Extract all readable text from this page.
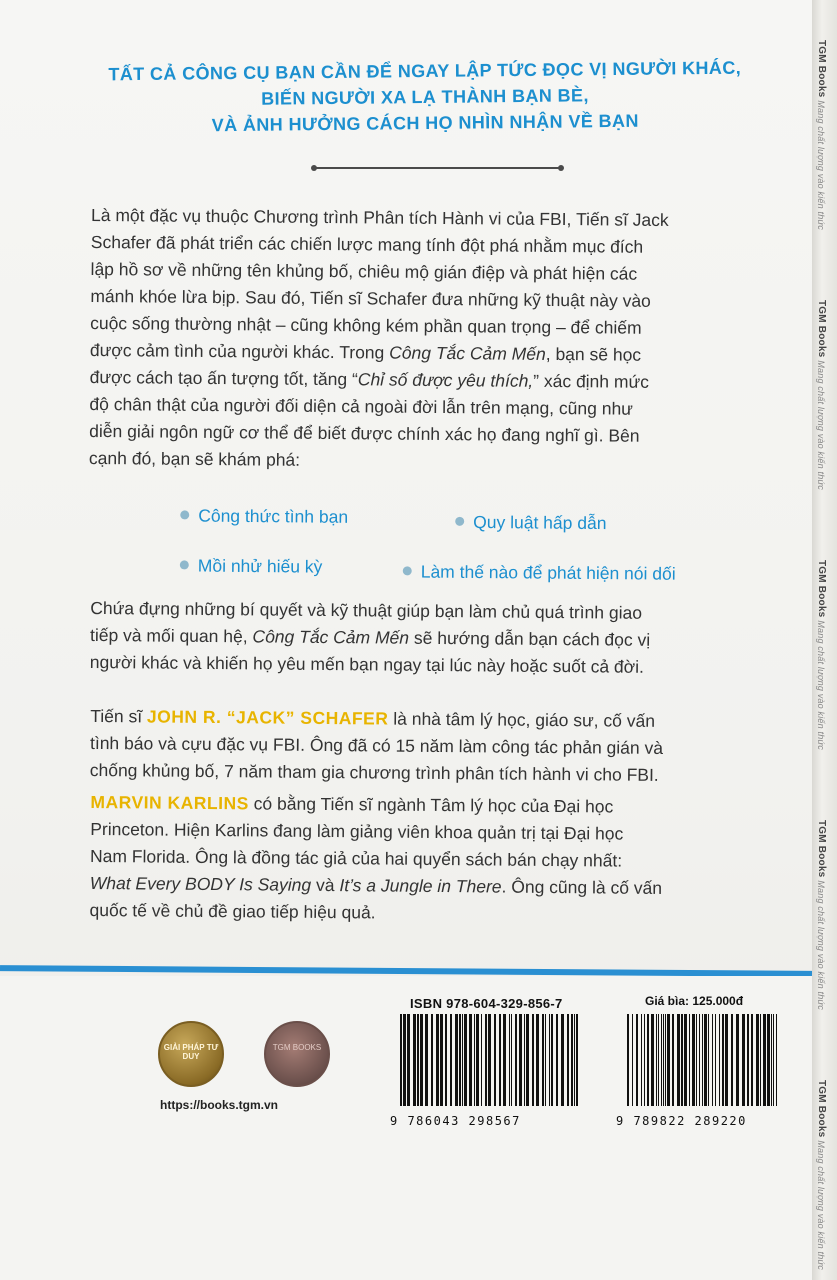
TẤT CẢ CÔNG CỤ BẠN CẦN ĐỂ NGAY LẬP TỨC ĐỌC VỊ NGƯỜI KHÁC,
BIẾN NGƯỜI XA LẠ THÀNH BẠN BÈ,
VÀ ẢNH HƯỞNG CÁCH HỌ NHÌN NHẬN VỀ BẠN
Là một đặc vụ thuộc Chương trình Phân tích Hành vi của FBI, Tiến sĩ Jack
Schafer đã phát triển các chiến lược mang tính đột phá nhằm mục đích
lập hồ sơ về những tên khủng bố, chiêu mộ gián điệp và phát hiện các
mánh khóe lừa bịp. Sau đó, Tiến sĩ Schafer đưa những kỹ thuật này vào
cuộc sống thường nhật – cũng không kém phần quan trọng – để chiếm
được cảm tình của người khác. Trong Công Tắc Cảm Mến, bạn sẽ học
được cách tạo ấn tượng tốt, tăng “Chỉ số được yêu thích,” xác định mức
độ chân thật của người đối diện cả ngoài đời lẫn trên mạng, cũng như
diễn giải ngôn ngữ cơ thể để biết được chính xác họ đang nghĩ gì. Bên
cạnh đó, bạn sẽ khám phá:
Công thức tình bạn	Quy luật hấp dẫn
Mồi nhử hiếu kỳ	Làm thế nào để phát hiện nói dối
Chứa đựng những bí quyết và kỹ thuật giúp bạn làm chủ quá trình giao
tiếp và mối quan hệ, Công Tắc Cảm Mến sẽ hướng dẫn bạn cách đọc vị
người khác và khiến họ yêu mến bạn ngay tại lúc này hoặc suốt cả đời.
ISBN 978-604-329-856-7	Giá bìa: 125.000đ
9 786043 298567	9 789822 289220
GIẢI PHÁP TƯ DUY
TGM BOOKS
https://books.tgm.vn
Tiến sĩ JOHN R. “JACK” SCHAFER là nhà tâm lý học, giáo sư, cố vấn
tình báo và cựu đặc vụ FBI. Ông đã có 15 năm làm công tác phản gián và
chống khủng bố, 7 năm tham gia chương trình phân tích hành vi cho FBI.
MARVIN KARLINS có bằng Tiến sĩ ngành Tâm lý học của Đại học
Princeton. Hiện Karlins đang làm giảng viên khoa quản trị tại Đại học
Nam Florida. Ông là đồng tác giả của hai quyển sách bán chạy nhất:
What Every BODY Is Saying và It’s a Jungle in There. Ông cũng là cố vấn
quốc tế về chủ đề giao tiếp hiệu quả.
TGM Books Mang chất lượng vào kiến thức
TGM Books Mang chất lượng vào kiến thức
TGM Books Mang chất lượng vào kiến thức
TGM Books Mang chất lượng vào kiến thức
TGM Books Mang chất lượng vào kiến thức
